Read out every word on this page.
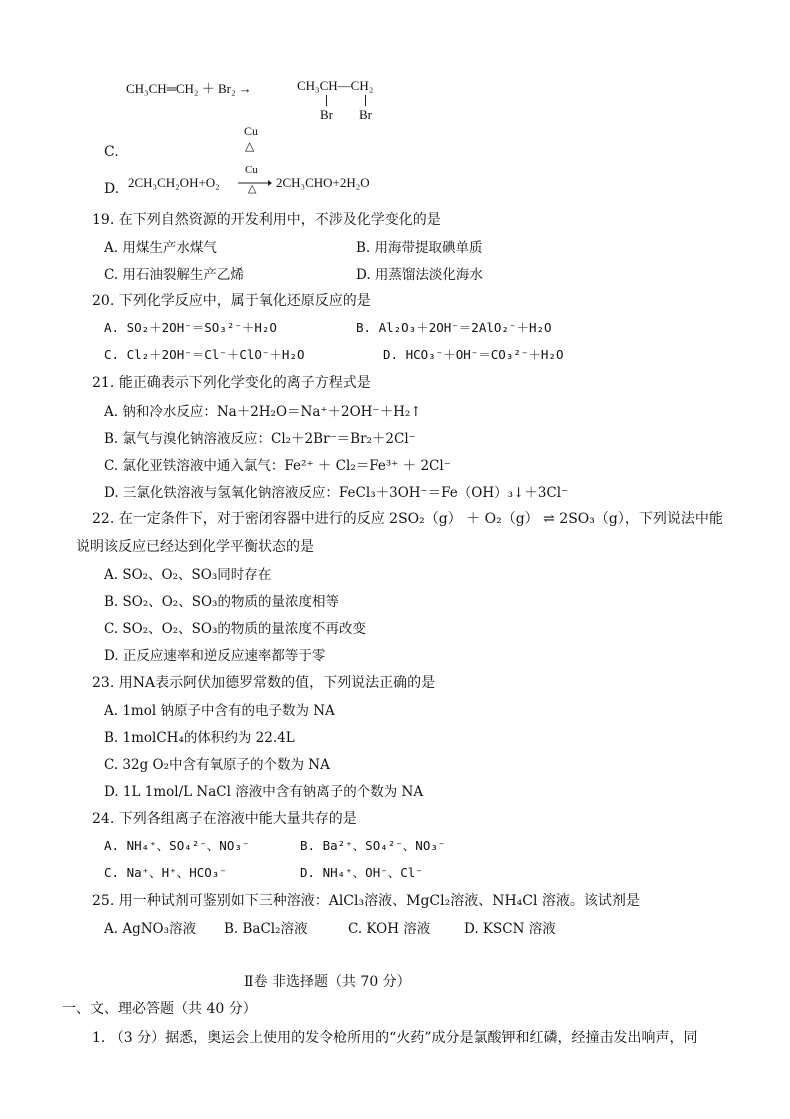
CH₃CH═CH₂ ＋ Br₂ →	CH₃CH—CH₂
Br Br
Cu
△
C.
D. 2CH₃CH₂OH+O₂
Cu
△ 2CH₃CHO+2H₂O
19. 在下列自然资源的开发利用中，不涉及化学变化的是
A. 用煤生产水煤气	B. 用海带提取碘单质
C. 用石油裂解生产乙烯	D. 用蒸馏法淡化海水
20. 下列化学反应中，属于氧化还原反应的是
A. SO₂＋2OH⁻＝SO₃²⁻＋H₂O	B. Al₂O₃＋2OH⁻＝2AlO₂⁻＋H₂O
C. Cl₂＋2OH⁻＝Cl⁻＋ClO⁻＋H₂O	D. HCO₃⁻＋OH⁻＝CO₃²⁻＋H₂O
21. 能正确表示下列化学变化的离子方程式是
A. 钠和冷水反应：Na＋2H₂O＝Na⁺＋2OH⁻＋H₂↑
B. 氯气与溴化钠溶液反应：Cl₂＋2Br⁻＝Br₂＋2Cl⁻
C. 氯化亚铁溶液中通入氯气：Fe²⁺ ＋ Cl₂＝Fe³⁺ ＋ 2Cl⁻
D. 三氯化铁溶液与氢氧化钠溶液反应：FeCl₃＋3OH⁻＝Fe（OH）₃↓＋3Cl⁻
22. 在一定条件下，对于密闭容器中进行的反应 2SO₂（g） ＋ O₂（g） ⇌ 2SO₃（g），下列说法中能
说明该反应已经达到化学平衡状态的是
A. SO₂、O₂、SO₃同时存在
B. SO₂、O₂、SO₃的物质的量浓度相等
C. SO₂、O₂、SO₃的物质的量浓度不再改变
D. 正反应速率和逆反应速率都等于零
23. 用NA表示阿伏加德罗常数的值，下列说法正确的是
A. 1mol 钠原子中含有的电子数为 NA
B. 1molCH₄的体积约为 22.4L
C. 32g O₂中含有氧原子的个数为 NA
D. 1L 1mol/L NaCl 溶液中含有钠离子的个数为 NA
24. 下列各组离子在溶液中能大量共存的是
A. NH₄⁺、SO₄²⁻、NO₃⁻	B. Ba²⁺、SO₄²⁻、NO₃⁻
C. Na⁺、H⁺、HCO₃⁻	D. NH₄⁺、OH⁻、Cl⁻
25. 用一种试剂可鉴别如下三种溶液：AlCl₃溶液、MgCl₂溶液、NH₄Cl 溶液。该试剂是
A. AgNO₃溶液 B. BaCl₂溶液	C. KOH 溶液 D. KSCN 溶液
Ⅱ卷 非选择题（共 70 分）
一、文、理必答题（共 40 分）
1. （3 分）据悉，奥运会上使用的发令枪所用的“火药”成分是氯酸钾和红磷，经撞击发出响声，同
